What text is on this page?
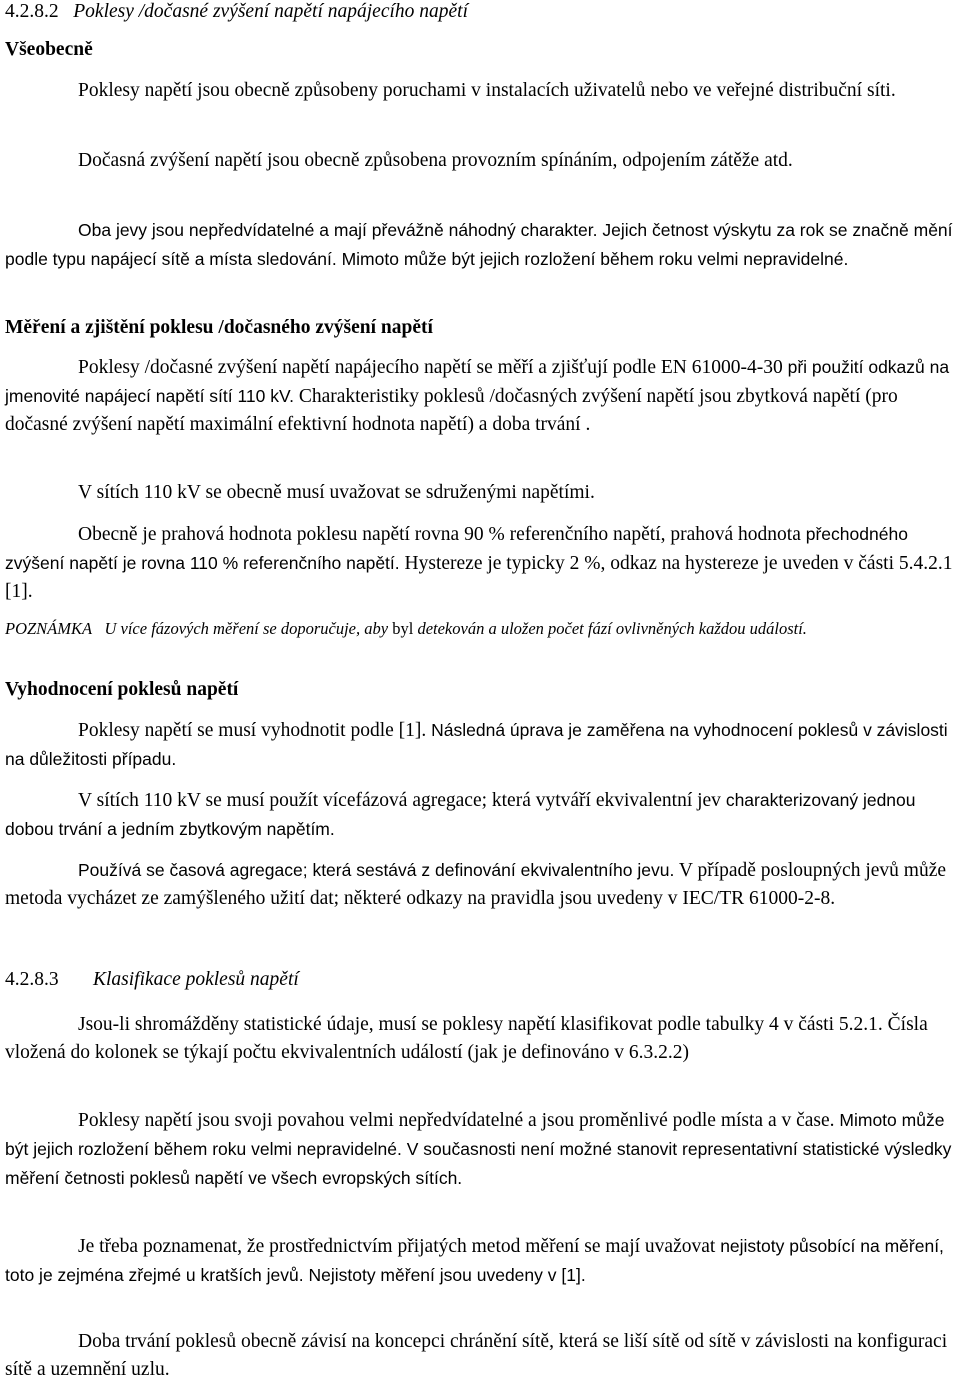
4.2.8.2 Poklesy /dočasné zvýšení napětí napájecího napětí

Všeobecně

Poklesy napětí jsou obecně způsobeny poruchami v instalacích uživatelů nebo ve veřejné distribuční síti.

Dočasná zvýšení napětí jsou obecně způsobena provozním spínáním, odpojením zátěže atd.

Oba jevy jsou nepředvídatelné a mají převážně náhodný charakter. Jejich četnost výskytu za rok se značně mění podle typu napájecí sítě a místa sledování. Mimoto může být jejich rozložení během roku velmi nepravidelné.

Měření a zjištění poklesu /dočasného zvýšení napětí

Poklesy /dočasné zvýšení napětí napájecího napětí se měří a zjišťují podle EN 61000-4-30 při použití odkazů na jmenovité napájecí napětí sítí 110 kV. Charakteristiky poklesů /dočasných zvýšení napětí jsou zbytková napětí (pro dočasné zvýšení napětí maximální efektivní hodnota napětí) a doba trvání .

V sítích 110 kV se obecně musí uvažovat se sdruženými napětími.

Obecně je prahová hodnota poklesu napětí rovna 90 % referenčního napětí, prahová hodnota přechodného zvýšení napětí je rovna 110 % referenčního napětí. Hystereze je typicky 2 %, odkaz na hystereze je uveden v části 5.4.2.1 [1].

POZNÁMKA U více fázových měření se doporučuje, aby byl detekován a uložen počet fází ovlivněných každou událostí.

Vyhodnocení poklesů napětí

Poklesy napětí se musí vyhodnotit podle [1]. Následná úprava je zaměřena na vyhodnocení poklesů v závislosti na důležitosti případu.

V sítích 110 kV se musí použít vícefázová agregace; která vytváří ekvivalentní jev charakterizovaný jednou dobou trvání a jedním zbytkovým napětím.

Používá se časová agregace; která sestává z definování ekvivalentního jevu. V případě posloupných jevů může metoda vycházet ze zamýšleného užití dat; některé odkazy na pravidla jsou uvedeny v IEC/TR 61000-2-8.

4.2.8.3 Klasifikace poklesů napětí

Jsou-li shromážděny statistické údaje, musí se poklesy napětí klasifikovat podle tabulky 4 v části 5.2.1. Čísla vložená do kolonek se týkají počtu ekvivalentních událostí (jak je definováno v 6.3.2.2)

Poklesy napětí jsou svoji povahou velmi nepředvídatelné a jsou proměnlivé podle místa a v čase. Mimoto může být jejich rozložení během roku velmi nepravidelné. V současnosti není možné stanovit representativní statistické výsledky měření četnosti poklesů napětí ve všech evropských sítích.

Je třeba poznamenat, že prostřednictvím přijatých metod měření se mají uvažovat nejistoty působící na měření, toto je zejména zřejmé u kratších jevů. Nejistoty měření jsou uvedeny v [1].

Doba trvání poklesů obecně závisí na koncepci chránění sítě, která se liší sítě od sítě v závislosti na konfiguraci sítě a uzemnění uzlu.
